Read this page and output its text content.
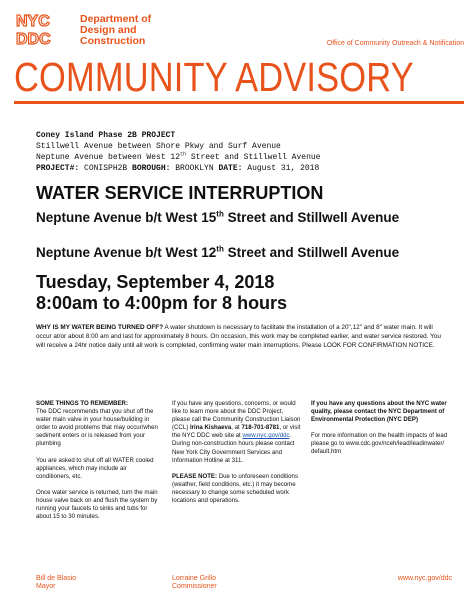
NYC
DDC
Department of
Design and
Construction	Office of Community Outreach & Notification
COMMUNITY ADVISORY
Coney Island Phase 2B PROJECT
Stillwell Avenue between Shore Pkwy and Surf Avenue
Neptune Avenue between West 12th Street and Stillwell Avenue
PROJECT#: CONISPH2B BOROUGH: BROOKLYN DATE: August 31, 2018
WATER SERVICE INTERRUPTION
Neptune Avenue b/t West 15th Street and Stillwell Avenue
Neptune Avenue b/t West 12th Street and Stillwell Avenue
Tuesday, September 4, 2018
8:00am to 4:00pm for 8 hours
WHY IS MY WATER BEING TURNED OFF? A water shutdown is necessary to facilitate the installation of a 20",12" and 8" water main. It will occur at/or about 8:00 am and last for approximately 8 hours. On occasion, this work may be completed earlier, and water service restored. You will receive a 24hr notice daily until all work is completed, confirming water main interruptions. Please LOOK FOR CONFIRMATION NOTICE.

SOME THINGS TO REMEMBER:
The DDC recommends that you shut off the water main valve in your house/building in order to avoid problems that may occur/when sediment enters or is released from your plumbing

You are asked to shut off all WATER cooled appliances, which may include air conditioners, etc.

Once water service is returned, turn the main house valve back on and flush the system by running your faucets to sinks and tubs for about 15 to 30 minutes.

If you have any questions, concerns, or would like to learn more about the DDC Project, please call the Community Construction Liaison (CCL) Irina Kishaeva, at 718-701-8781, or visit the NYC DDC web site at www.nyc.gov/ddc. During non-construction hours please contact New York City Government Services and Information Hotline at 311.

PLEASE NOTE: Due to unforeseen conditions (weather, field conditions, etc.) it may become necessary to change some scheduled work locations and operations.

If you have any questions about the NYC water quality, please contact the NYC Department of Environmental Protection (NYC DEP)

For more information on the health impacts of lead please go to www.cdc.gov/nceh/lead/leadinwater/ default.htm

Bill de Blasio
Mayor
Lorraine Grillo
Commissioner
www.nyc.gov/ddc
